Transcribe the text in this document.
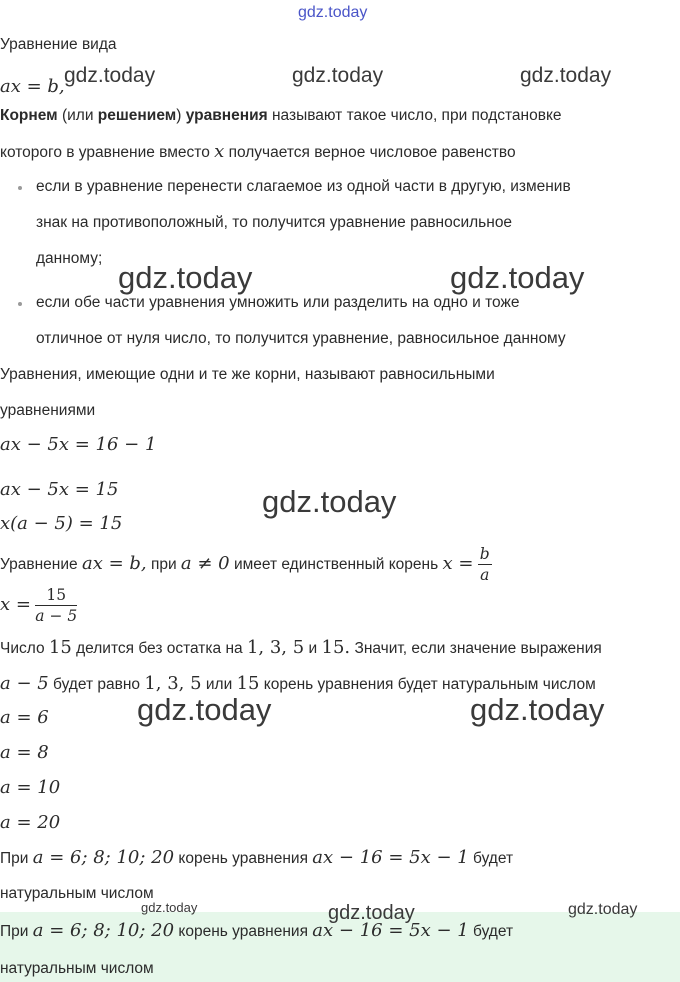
gdz.today
gdz.today	gdz.today	gdz.today
gdz.today	gdz.today
gdz.today
gdz.today	gdz.today
gdz.today	gdz.today	gdz.today
Уравнение вида
ax = b,
Корнем (или решением) уравнения называют такое число, при подстановке
которого в уравнение вместо x получается верное числовое равенство
если в уравнение перенести слагаемое из одной части в другую, изменив
знак на противоположный, то получится уравнение равносильное
данному;
если обе части уравнения умножить или разделить на одно и тоже
отличное от нуля число, то получится уравнение, равносильное данному
Уравнения, имеющие одни и те же корни, называют равносильными
уравнениями
ax − 5x = 16 − 1
ax − 5x = 15
x(a − 5) = 15
Уравнение ax = b, при a ≠ 0 имеет единственный корень $x = \frac{b}{a}$
$x = \frac{15}{a - 5}$
Число 15 делится без остатка на 1, 3, 5 и 15. Значит, если значение выражения
a − 5 будет равно 1, 3, 5 или 15 корень уравнения будет натуральным числом
a = 6
a = 8
a = 10
a = 20
При a = 6; 8; 10; 20 корень уравнения ax − 16 = 5x − 1 будет
натуральным числом
При a = 6; 8; 10; 20 корень уравнения ax − 16 = 5x − 1 будет
натуральным числом
